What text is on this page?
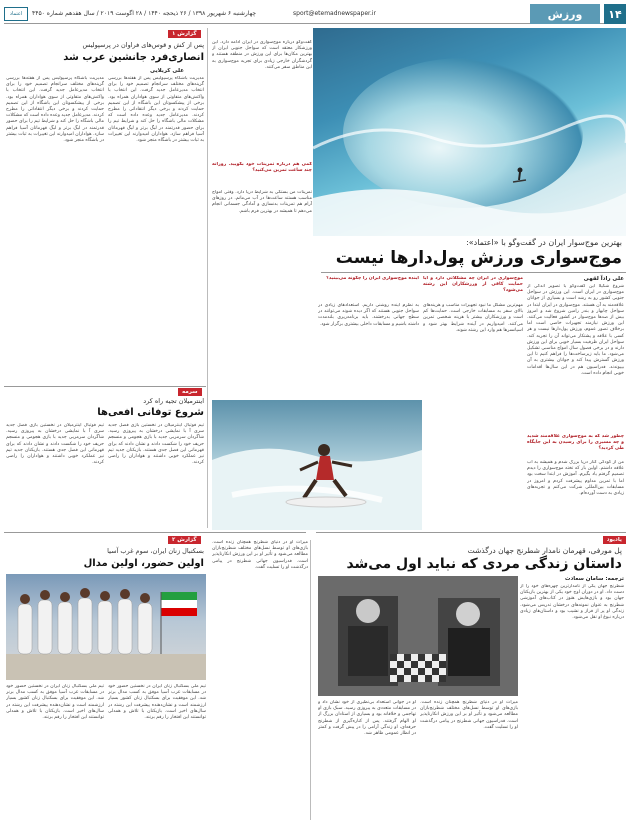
۱۴
ورزش
sport@etemadnewspaper.ir
چهارشنبه ۶ شهریور ۱۳۹۸ / ۲۶ ذیحجه ۱۴۴۰ / ۲۸ اگوست ۲۰۱۹ / سال هفدهم شماره ۴۴۵۰
اعتماد
بهترین موج‌سوار ایران در گفت‌وگو با «اعتماد»:
موج‌سواری ورزش پول‌دارها نیست
علی رادآ لقهی
شروع شکیلا این گفت‌وگو با تصویر اندکی از موج‌سواری در ایران است. این ورزش در سواحل جنوبی کشور رو به رشد است و بسیاری از جوانان علاقه‌مند به آن هستند. موج‌سواری در ایران ابتدا در سواحل چابهار و بندر رامین شروع شد و امروز بیش از صدها موج‌سوار در کشور فعالیت می‌کنند. این ورزش نیازمند تجهیزات خاصی است اما برخلاف تصور عموم، ورزش پول‌دارها نیست و هر کسی با علاقه و پشتکار می‌تواند آن را تجربه کند. سواحل ایران ظرفیت بسیار خوبی برای این ورزش دارند و در برخی فصول سال امواج مناسبی تشکیل می‌شود. ما باید زیرساخت‌ها را فراهم کنیم تا این ورزش گسترش پیدا کند و جوانان بیشتری به آن بپیوندند. فدراسیون هم در این سال‌ها اقدامات خوبی انجام داده است.
چطور شد که به موج‌سواری علاقه‌مند شدید و چه مسیری را برای رسیدن به این جایگاه طی کردید؟
من از کودکی کنار دریا بزرگ شدم و همیشه به آب علاقه داشتم. اولین بار که تخته موج‌سواری را دیدم تصمیم گرفتم یاد بگیرم. آموزش در ابتدا سخت بود اما با تمرین مداوم پیشرفت کردم و امروز در مسابقات بین‌المللی شرکت می‌کنم و تجربه‌های زیادی به دست آورده‌ام.
موج‌سواری در ایران چه مشکلاتی دارد و آیا حمایت کافی از ورزشکاران این رشته می‌شود؟
مهم‌ترین مشکل ما نبود تجهیزات مناسب و هزینه‌های بالای سفر به مسابقات خارجی است. حمایت‌ها کم است و ورزشکاران بیشتر با هزینه شخصی تمرین می‌کنند. امیدواریم در آینده شرایط بهتر شود و اسپانسرها هم وارد این رشته شوند.
آینده موج‌سواری ایران را چگونه می‌بینید؟
به نظرم آینده روشنی داریم. استعدادهای زیادی در سواحل جنوبی هستند که اگر دیده شوند می‌توانند در سطح جهانی بدرخشند. باید برنامه‌ریزی بلندمدت داشته باشیم و مسابقات داخلی بیشتری برگزار شود.
گفت‌وگو درباره موج‌سواری در ایران ادامه دارد. این ورزشکار معتقد است که سواحل جنوبی ایران از بهترین مکان‌ها برای این ورزش در منطقه هستند و گردشگران خارجی زیادی برای تجربه موج‌سواری به این مناطق سفر می‌کنند.
کمی هم درباره تمرینات خود بگویید. روزانه چند ساعت تمرین می‌کنید؟
تمرینات من بستگی به شرایط دریا دارد. وقتی امواج مناسب هستند ساعت‌ها در آب می‌مانم. در روزهای آرام هم تمرینات بدنسازی و آمادگی جسمانی انجام می‌دهم تا همیشه در بهترین فرم باشم.
گزارش ۱
پس از کش و قوس‌های فراوان در پرسپولیس
انصاری‌فرد جانشین عرب شد
علی کربلایی
مدیریت باشگاه پرسپولیس پس از هفته‌ها بررسی گزینه‌های مختلف سرانجام تصمیم خود را برای انتخاب مدیرعامل جدید گرفت. این انتخاب با واکنش‌های متفاوتی از سوی هواداران همراه بود. برخی از پیشکسوتان این باشگاه از این تصمیم حمایت کردند و برخی دیگر انتقاداتی را مطرح کردند. مدیرعامل جدید وعده داده است که مشکلات مالی باشگاه را حل کند و شرایط تیم را برای حضور قدرتمند در لیگ برتر و لیگ قهرمانان آسیا فراهم سازد. هواداران امیدوارند این تغییرات به ثبات بیشتر در باشگاه منجر شود.
مدیریت باشگاه پرسپولیس پس از هفته‌ها بررسی گزینه‌های مختلف سرانجام تصمیم خود را برای انتخاب مدیرعامل جدید گرفت. این انتخاب با واکنش‌های متفاوتی از سوی هواداران همراه بود. برخی از پیشکسوتان این باشگاه از این تصمیم حمایت کردند و برخی دیگر انتقاداتی را مطرح کردند. مدیرعامل جدید وعده داده است که مشکلات مالی باشگاه را حل کند و شرایط تیم را برای حضور قدرتمند در لیگ برتر و لیگ قهرمانان آسیا فراهم سازد. هواداران امیدوارند این تغییرات به ثبات بیشتر در باشگاه منجر شود.
سرمه
اینترمیلان تجیه راه کرد
شروع توفانی افعی‌ها
تیم فوتبال اینترمیلان در نخستین بازی فصل جدید سری آ با نمایشی درخشان به پیروزی رسید. شاگردان سرمربی جدید با بازی هجومی و منسجم حریف خود را شکست دادند و نشان دادند که برای قهرمانی این فصل جدی هستند. بازیکنان جدید تیم نیز عملکرد خوبی داشتند و هواداران را راضی کردند.
تیم فوتبال اینترمیلان در نخستین بازی فصل جدید سری آ با نمایشی درخشان به پیروزی رسید. شاگردان سرمربی جدید با بازی هجومی و منسجم حریف خود را شکست دادند و نشان دادند که برای قهرمانی این فصل جدی هستند. بازیکنان جدید تیم نیز عملکرد خوبی داشتند و هواداران را راضی کردند.
گزارش ۲
بسکتبال زنان ایران، سوم غرب آسیا
اولین حضور، اولین مدال
تیم ملی بسکتبال زنان ایران در نخستین حضور خود در مسابقات غرب آسیا موفق به کسب مدال برنز شد. این موفقیت برای بسکتبال زنان کشور بسیار ارزشمند است و نشان‌دهنده پیشرفت این رشته در سال‌های اخیر است. بازیکنان با تلاش و همدلی توانستند این افتخار را رقم بزنند.
تیم ملی بسکتبال زنان ایران در نخستین حضور خود در مسابقات غرب آسیا موفق به کسب مدال برنز شد. این موفقیت برای بسکتبال زنان کشور بسیار ارزشمند است و نشان‌دهنده پیشرفت این رشته در سال‌های اخیر است. بازیکنان با تلاش و همدلی توانستند این افتخار را رقم بزنند.
یادبود
پل مورفی، قهرمان نامدار شطرنج جهان درگذشت
داستان زندگی مردی که نباید اول می‌شد
ترجمه: سامان سعادت
شطرنج جهان یکی از نامدارترین چهره‌های خود را از دست داد. او در دوران اوج خود یکی از بهترین بازیکنان جهان بود و بازی‌هایش هنوز در کتاب‌های آموزشی شطرنج به عنوان نمونه‌های درخشان تدریس می‌شود. زندگی او پر از فراز و نشیب بود و داستان‌های زیادی درباره نبوغ او نقل می‌شود.
او در جوانی استعداد بی‌نظیری از خود نشان داد و در مسابقات متعددی به پیروزی رسید. سبک بازی او تهاجمی و خلاقانه بود و بسیاری از استادان بزرگ از او الهام گرفتند. پس از کناره‌گیری از شطرنج حرفه‌ای، او زندگی آرامی را در پیش گرفت و کمتر در انظار عمومی ظاهر شد.
میراث او در دنیای شطرنج همچنان زنده است. بازی‌های او توسط نسل‌های مختلف شطرنج‌بازان مطالعه می‌شود و تأثیر او بر این ورزش انکارناپذیر است. فدراسیون جهانی شطرنج در پیامی درگذشت او را تسلیت گفت.
میراث او در دنیای شطرنج همچنان زنده است. بازی‌های او توسط نسل‌های مختلف شطرنج‌بازان مطالعه می‌شود و تأثیر او بر این ورزش انکارناپذیر است. فدراسیون جهانی شطرنج در پیامی درگذشت او را تسلیت گفت.
